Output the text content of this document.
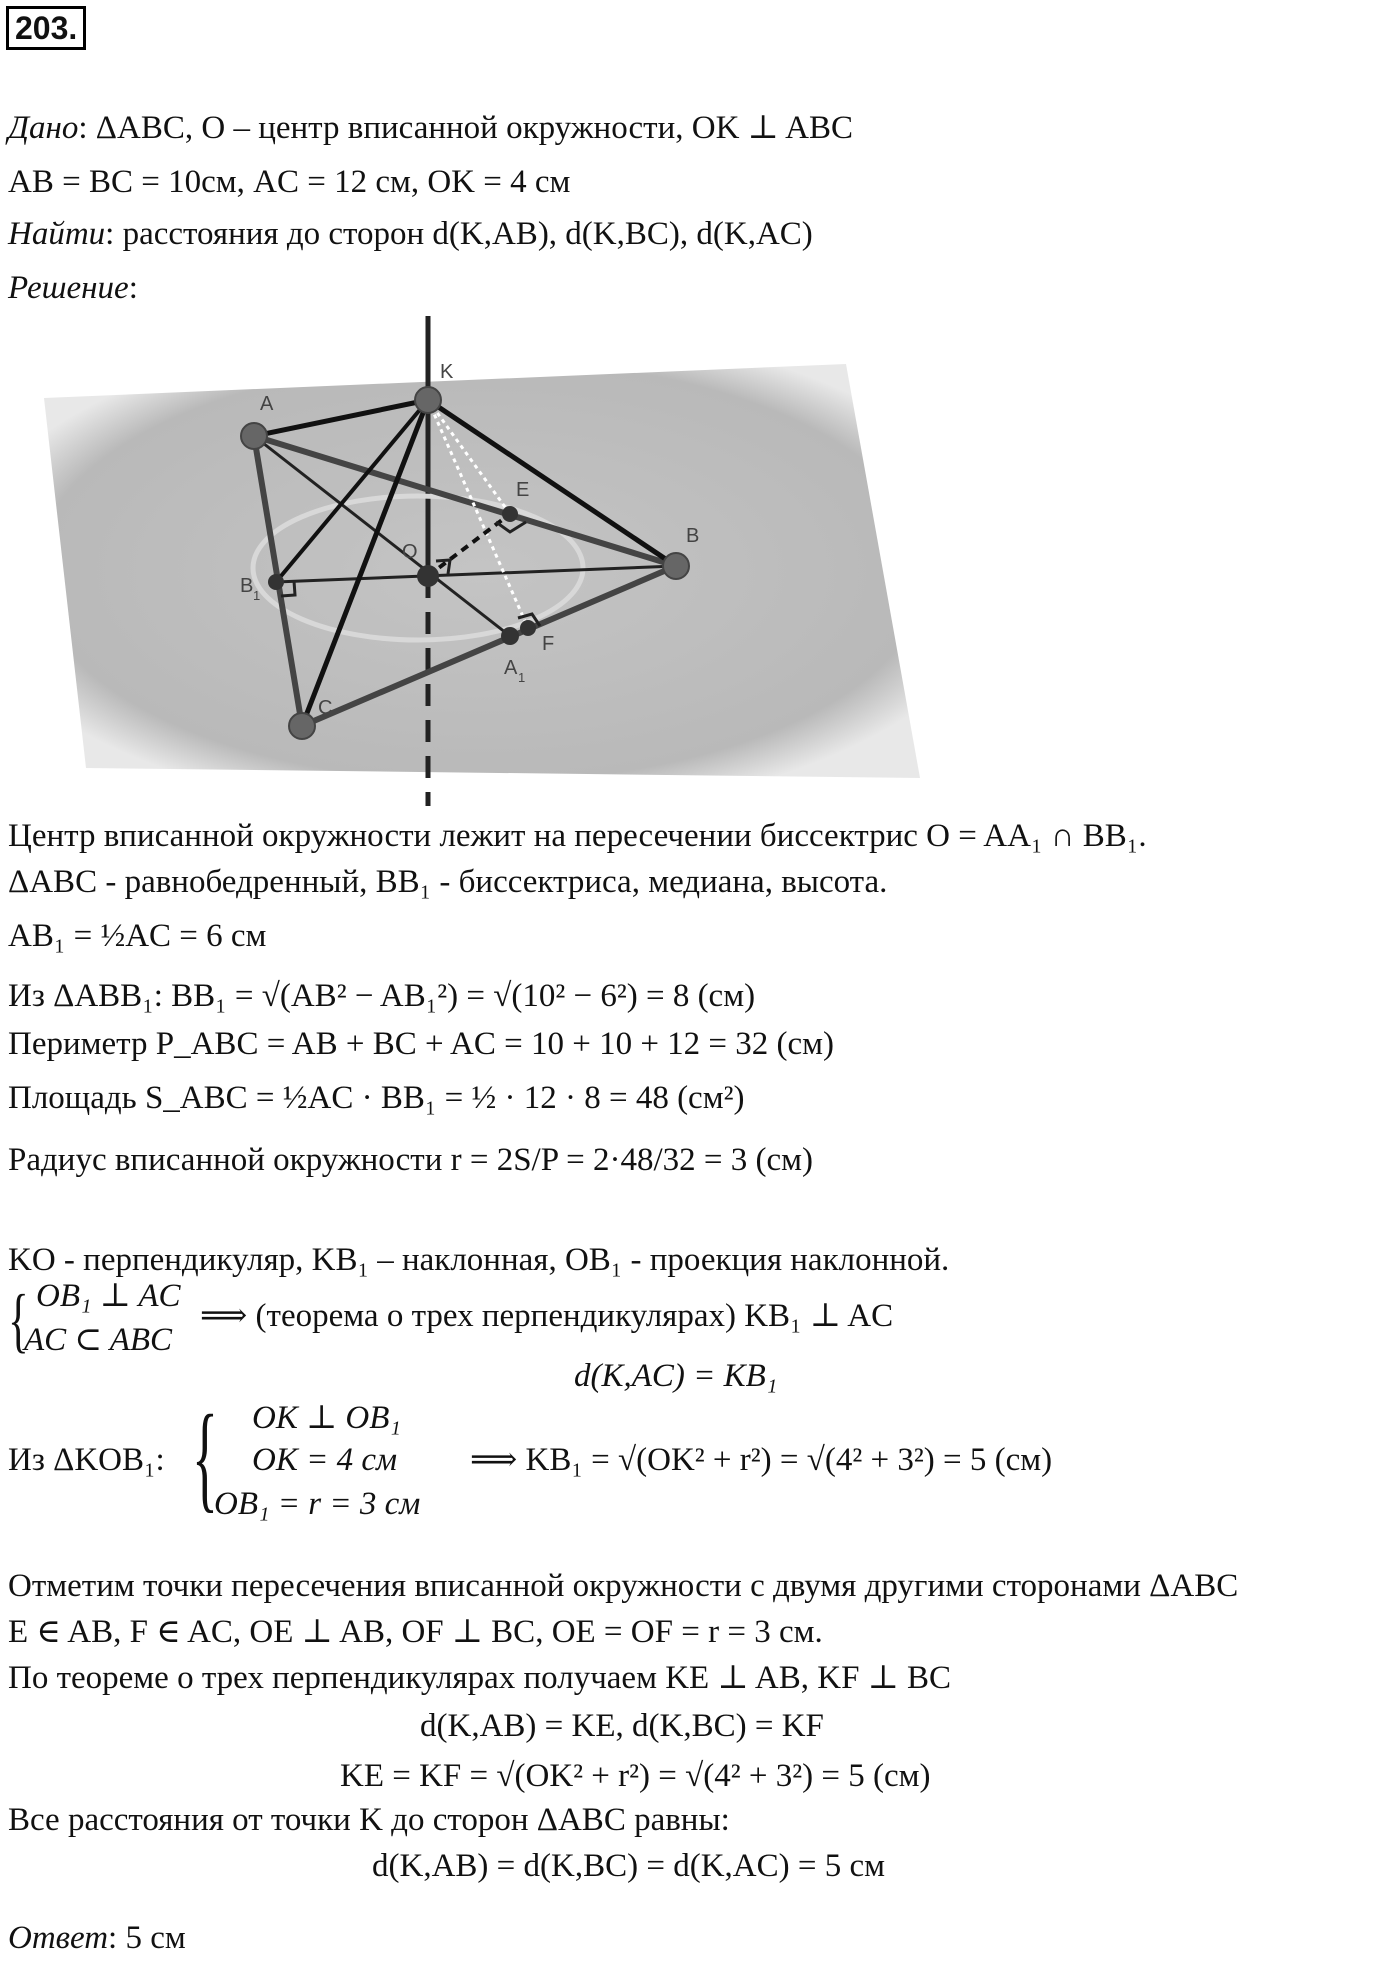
203.
Дано: ΔABC, O – центр вписанной окружности, OK ⊥ ABC
AB = BC = 10см, AC = 12 см, OK = 4 см
Найти: расстояния до сторон d(K,AB), d(K,BC), d(K,AC)
Решение:
K
A
B
C
O
E
F
B 1
A 1
Центр вписанной окружности лежит на пересечении биссектрис O = AA₁ ∩ BB₁.
ΔABC - равнобедренный, BB₁ - биссектриса, медиана, высота.
AB₁ = ½AC = 6 см
Из ΔABB₁: BB₁ = √(AB² − AB₁²) = √(10² − 6²) = 8 (см)
Периметр P_ABC = AB + BC + AC = 10 + 10 + 12 = 32 (см)
Площадь S_ABC = ½AC · BB₁ = ½ · 12 · 8 = 48 (см²)
Радиус вписанной окружности r = 2S/P = 2·48/32 = 3 (см)
KO - перпендикуляр, KB₁ – наклонная, OB₁ - проекция наклонной.
{ OB₁ ⊥ AC
AC ⊂ ABC
⟹ (теорема о трех перпендикулярах) KB₁ ⊥ AC
d(K,AC) = KB₁
Из ΔKOB₁: { OK ⊥ OB₁
OK = 4 см
OB₁ = r = 3 см
⟹ KB₁ = √(OK² + r²) = √(4² + 3²) = 5 (см)
Отметим точки пересечения вписанной окружности с двумя другими сторонами ΔABC
E ∈ AB, F ∈ AC, OE ⊥ AB, OF ⊥ BC, OE = OF = r = 3 см.
По теореме о трех перпендикулярах получаем KE ⊥ AB, KF ⊥ BC
d(K,AB) = KE, d(K,BC) = KF
KE = KF = √(OK² + r²) = √(4² + 3²) = 5 (см)
Все расстояния от точки K до сторон ΔABC равны:
d(K,AB) = d(K,BC) = d(K,AC) = 5 см
Ответ: 5 см
